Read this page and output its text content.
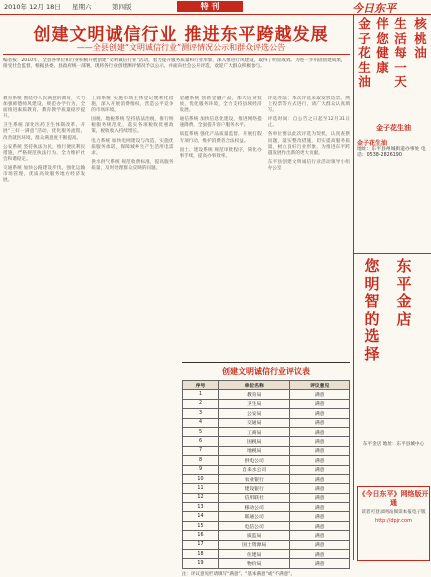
2010年 12月 18日 星期六	第四版	特 刊	今日东平
创建文明诚信行业 推进东平跨越发展
——全县创建“文明诚信行业”测评情况公示和群众评选公告

编者按：2010年，全县各单位和行业积极开展创建“文明诚信行业”活动，着力提升服务质量和行业形象，深入推进行风建设，取得了明显成效。为进一步巩固创建成果，接受社会监督，根据县委、县政府统一部署，现将各行业创建测评情况予以公示，并面向社会公开评选，欢迎广大群众积极参与。

教育系统 围绕办人民满意的教育，大力加强师德师风建设，规范办学行为，全面推进素质教育，教育教学质量稳步提升。

卫生系统 深化医药卫生体制改革，开展“三好一满意”活动，优化服务流程，改善就医环境，群众满意度不断提高。

公安系统 坚持执法为民，推行便民利民措施，严格规范执法行为，全力维护社会和谐稳定。

交通系统 加快公路建设步伐，强化运输市场管理，优质高效服务地方经济发展。

工商系统 实施市场主体登记便利化措施，深入开展消费维权，营造公平竞争的市场环境。

国税、地税系统 坚持依法治税，推行纳税服务规范化，落实各项税收优惠政策，税收收入持续增长。

电力系统 加快电网建设与改造，实施优质服务承诺，保障城乡生产生活用电需求。

供水供气系统 规范收费标准，提高服务质量，及时处理群众反映的问题。

金融系统 创新金融产品，加大信贷投放，优化服务环境，全力支持县域经济发展。

通信系统 加快信息化建设，推进网络提速降费，全面提升客户服务水平。

质监系统 强化产品质量监督，开展打假专项行动，维护消费者合法权益。

国土、建设系统 规范审批程序，简化办事手续，提高办事效率。

评选办法：本次评选采取发放选票、网上投票等方式进行，请广大群众认真填写。

评选时间：自公告之日起至12月31日止。

各单位要以此次评选为契机，认真查摆问题，落实整改措施，切实提高服务质量，树立良好行业形象，为推进东平跨越发展作出新的更大贡献。

东平县创建文明诚信行业活动领导小组办公室

创建文明诚信行业评议表
序号	单位名称	评议意见
1	教育局	满意
2	卫生局	满意
3	公安局	满意
4	交通局	满意
5	工商局	满意
6	国税局	满意
7	地税局	满意
8	供电公司	满意
9	自来水公司	满意
10	农业银行	满意
11	建设银行	满意
12	信用联社	满意
13	移动公司	满意
14	联通公司	满意
15	电信公司	满意
16	质监局	满意
17	国土资源局	满意
18	住建局	满意
19	物价局	满意
注：评议意见栏请填写“满意”、“基本满意”或“不满意”。
金子花生油
伴您健康
生活每一天
核桃油
金子花生油
金子花生油
地址：东平县州城街道办事处 电话：0538-2826190
您明智的选择
东平金店
东平金店 地址：东平县城中心
《今日东平》网络版开通
读者可登录网站阅读本报电子版
http://dpjr.com
